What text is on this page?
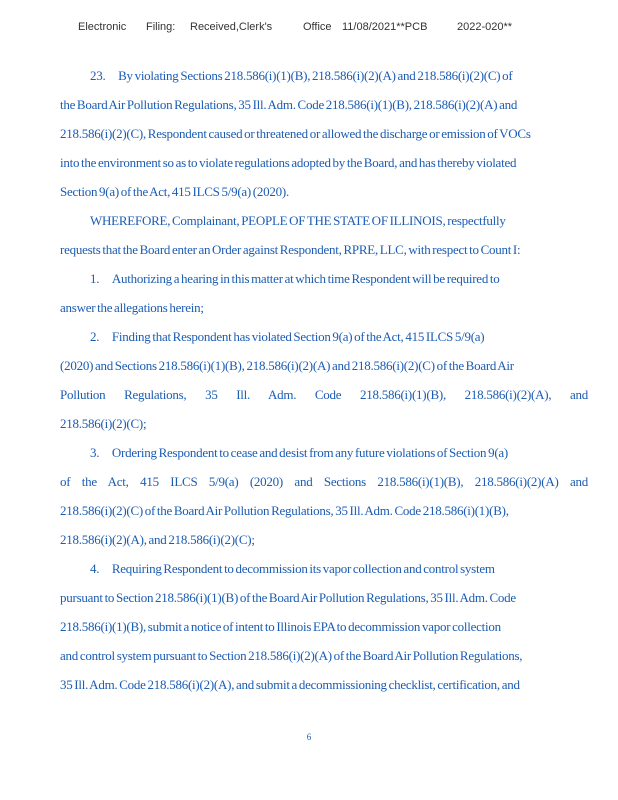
Electronic Filing: Received,Clerk's	Office 11/08/2021**PCB	2022-020**
23.       By violating Sections 218.586(i)(1)(B), 218.586(i)(2)(A) and 218.586(i)(2)(C) of
the Board Air Pollution Regulations, 35 Ill. Adm. Code 218.586(i)(1)(B), 218.586(i)(2)(A) and
218.586(i)(2)(C), Respondent caused or threatened or allowed the discharge or emission of VOCs
into the environment so as to violate regulations adopted by the Board, and has thereby violated
Section 9(a) of the Act, 415 ILCS 5/9(a) (2020).
WHEREFORE, Complainant, PEOPLE OF THE STATE OF ILLINOIS, respectfully
requests that the Board enter an Order against Respondent, RPRE, LLC, with respect to Count I:
1.       Authorizing a hearing in this matter at which time Respondent will be required to
answer the allegations herein;
2.       Finding that Respondent has violated Section 9(a) of the Act, 415 ILCS 5/9(a)
(2020) and Sections 218.586(i)(1)(B), 218.586(i)(2)(A) and 218.586(i)(2)(C) of the Board Air
Pollution Regulations, 35 Ill. Adm. Code 218.586(i)(1)(B), 218.586(i)(2)(A), and
218.586(i)(2)(C);
3.       Ordering Respondent to cease and desist from any future violations of Section 9(a)
of the Act, 415 ILCS 5/9(a) (2020) and Sections 218.586(i)(1)(B), 218.586(i)(2)(A) and
218.586(i)(2)(C) of the Board Air Pollution Regulations, 35 Ill. Adm. Code 218.586(i)(1)(B),
218.586(i)(2)(A), and 218.586(i)(2)(C);
4.       Requiring Respondent to decommission its vapor collection and control system
pursuant to Section 218.586(i)(1)(B) of the Board Air Pollution Regulations, 35 Ill. Adm. Code
218.586(i)(1)(B), submit a notice of intent to Illinois EPA to decommission vapor collection
and control system pursuant to Section 218.586(i)(2)(A) of the Board Air Pollution Regulations,
35 Ill. Adm. Code 218.586(i)(2)(A), and submit a decommissioning checklist, certification, and
6
